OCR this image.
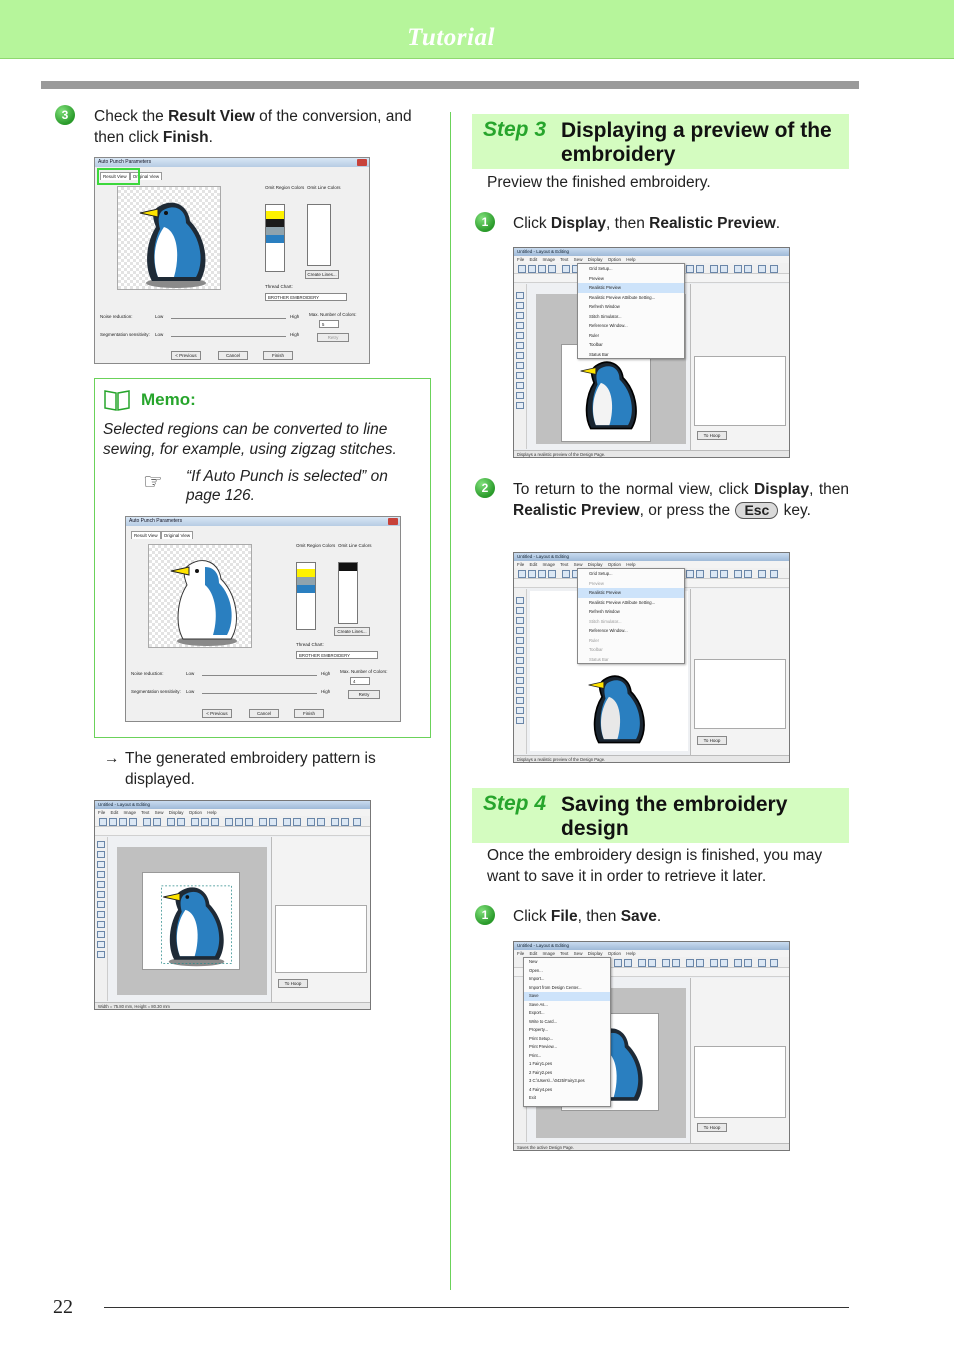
Tutorial
3	Check the Result View of the conversion, and then click Finish.
Auto Punch Parameters
Result View Original View
Omit Region Colors Omit Line Colors
Create Lines...
Thread Chart:
BROTHER EMBROIDERY
Noise reduction:	Low	High Max. Number of Colors:
5
Segmentation sensitivity: Low	High
Retry
< Previous	Cancel	Finish
Memo:
Selected regions can be converted to line sewing, for example, using zigzag stitches.
☞ “If Auto Punch is selected” on page 126.
Auto Punch Parameters
Result View Original View
Omit Region Colors Omit Line Colors
Create Lines...
Thread Chart:
BROTHER EMBROIDERY
Noise reduction:	Low	High Max. Number of Colors:
4
Segmentation sensitivity: Low	High
Retry
< Previous	Cancel	Finish
→ The generated embroidery pattern is displayed.
Untitled - Layout & Editing
File Edit Image Text Sew Display Option Help
To Hoop
Width = 75.80 mm, Height = 80.30 mm
Step 3 Displaying a preview of the embroidery
Preview the finished embroidery.
1	Click Display, then Realistic Preview.
Untitled - Layout & Editing
File Edit Image Text Sew Display Option Help
Grid Setup...
Preview
Realistic Preview
Realistic Preview Attribute Setting...
Refresh Window
Stitch Simulator...
Reference Window...
Ruler
Toolbar
Status Bar
To Hoop
Displays a realistic preview of the Design Page.
2	To return to the normal view, click Display, then Realistic Preview, or press the Esc key.
Untitled - Layout & Editing
File Edit Image Text Sew Display Option Help
Grid Setup...
Preview
Realistic Preview
Realistic Preview Attribute Setting...
Refresh Window
Stitch Simulator...
Reference Window...
Ruler
Toolbar
Status Bar
To Hoop
Displays a realistic preview of the Design Page.
Step 4 Saving the embroidery design
Once the embroidery design is finished, you may want to save it in order to retrieve it later.
1	Click File, then Save.
Untitled - Layout & Editing
File Edit Image Text Sew Display Option Help
New
Open...
Import...
Import from Design Center...
Save
Save As...
Export...
Write to Card...
Property...
Print Setup...
Print Preview...
Print...
1 Fairy1.pes
2 Fairy2.pes
3 C:\Users\...\0425\Fairy3.pes
4 Fairy4.pes
Exit
To Hoop
Saves the active Design Page.
22
